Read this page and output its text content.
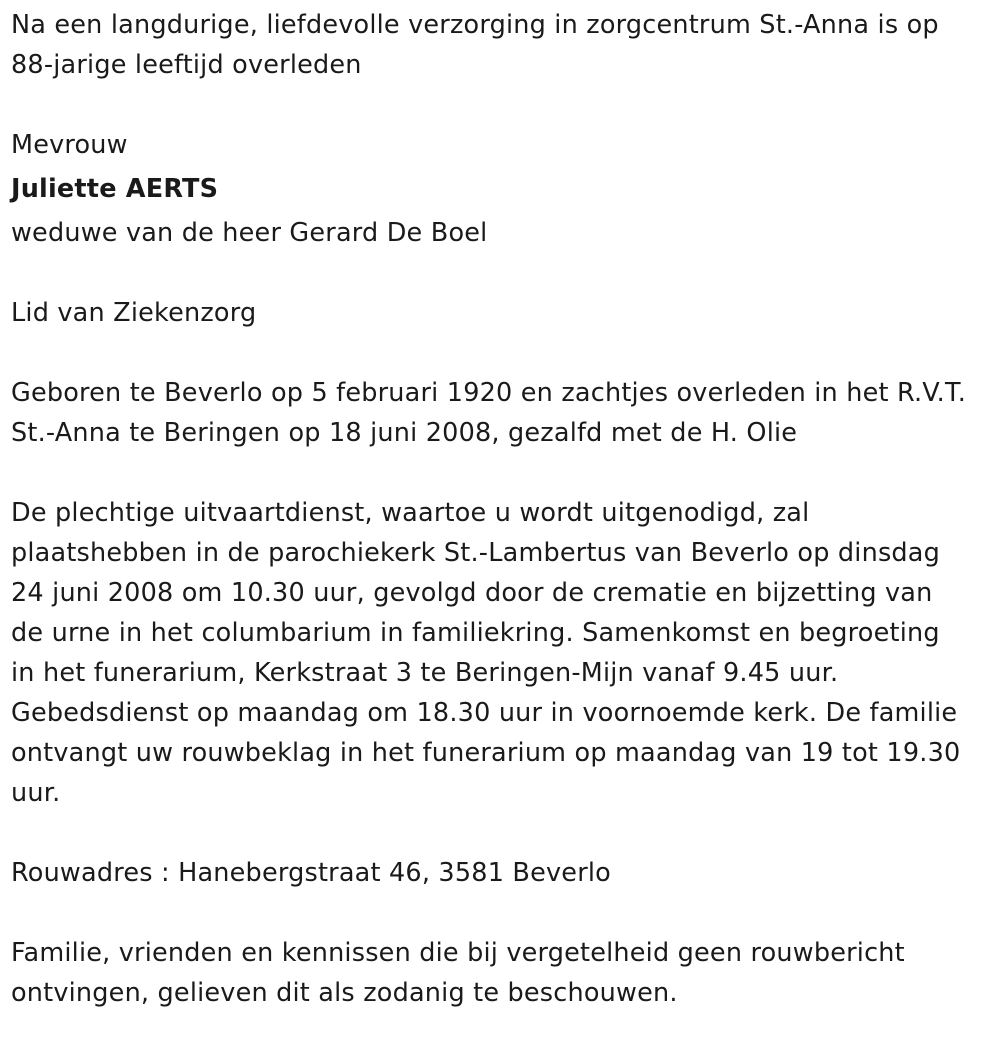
Na een langdurige, liefdevolle verzorging in zorgcentrum St.-Anna is op
88-jarige leeftijd overleden

Mevrouw

Juliette AERTS

weduwe van de heer Gerard De Boel

Lid van Ziekenzorg

Geboren te Beverlo op 5 februari 1920 en zachtjes overleden in het R.V.T.
St.-Anna te Beringen op 18 juni 2008, gezalfd met de H. Olie

De plechtige uitvaartdienst, waartoe u wordt uitgenodigd, zal
plaatshebben in de parochiekerk St.-Lambertus van Beverlo op dinsdag
24 juni 2008 om 10.30 uur, gevolgd door de crematie en bijzetting van
de urne in het columbarium in familiekring. Samenkomst en begroeting
in het funerarium, Kerkstraat 3 te Beringen-Mijn vanaf 9.45 uur.
Gebedsdienst op maandag om 18.30 uur in voornoemde kerk. De familie
ontvangt uw rouwbeklag in het funerarium op maandag van 19 tot 19.30
uur.

Rouwadres : Hanebergstraat 46, 3581 Beverlo

Familie, vrienden en kennissen die bij vergetelheid geen rouwbericht
ontvingen, gelieven dit als zodanig te beschouwen.
